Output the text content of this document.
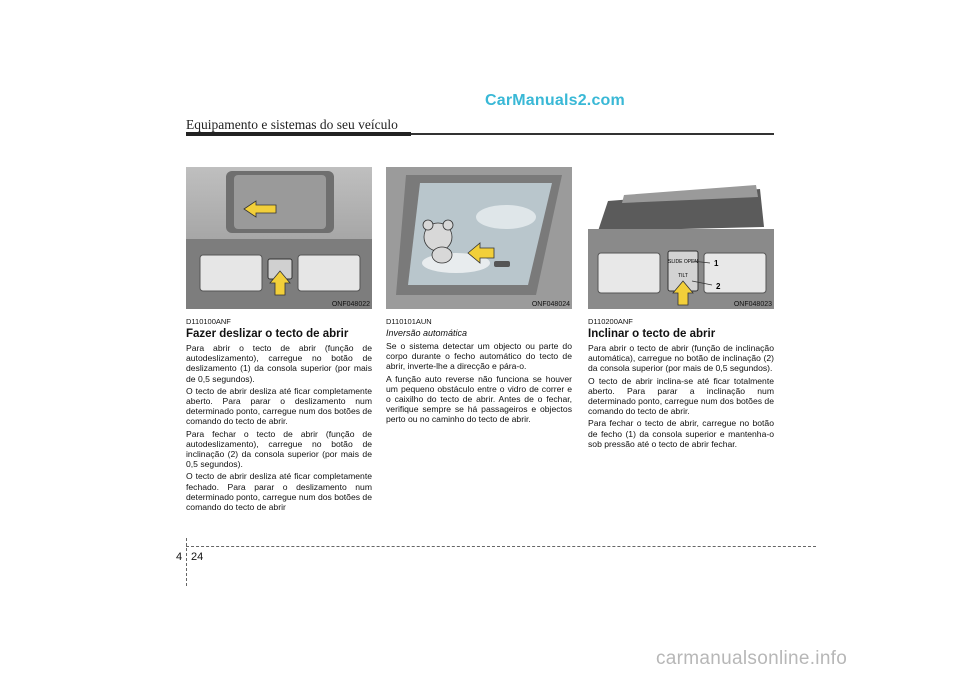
CarManuals2.com
Equipamento e sistemas do seu veículo
ONF048022
D110100ANF
Fazer deslizar o tecto de abrir

Para abrir o tecto de abrir (função de autodeslizamento), carregue no botão de deslizamento (1) da consola superior (por mais de 0,5 segundos).

O tecto de abrir desliza até ficar completamente aberto. Para parar o deslizamento num determinado ponto, carregue num dos botões de comando do tecto de abrir.

Para fechar o tecto de abrir (função de autodeslizamento), carregue no botão de inclinação (2) da consola superior (por mais de 0,5 segundos).

O tecto de abrir desliza até ficar completamente fechado. Para parar o deslizamento num determinado ponto, carregue num dos botões de comando do tecto de abrir

ONF048024
D110101AUN
Inversão automática

Se o sistema detectar um objecto ou parte do corpo durante o fecho automático do tecto de abrir, inverte-lhe a direcção e pára-o.

A função auto reverse não funciona se houver um pequeno obstáculo entre o vidro de correr e o caixilho do tecto de abrir. Antes de o fechar, verifique sempre se há passageiros e objectos perto ou no caminho do tecto de abrir.

SLIDE OPEN
TILT
1
2
ONF048023
D110200ANF
Inclinar o tecto de abrir

Para abrir o tecto de abrir (função de inclinação automática), carregue no botão de inclinação (2) da consola superior (por mais de 0,5 segundos).

O tecto de abrir inclina-se até ficar totalmente aberto. Para parar a inclinação num determinado ponto, carregue num dos botões de comando do tecto de abrir.

Para fechar o tecto de abrir, carregue no botão de fecho (1) da consola superior e mantenha-o sob pressão até o tecto de abrir fechar.

4 24
carmanualsonline.info
